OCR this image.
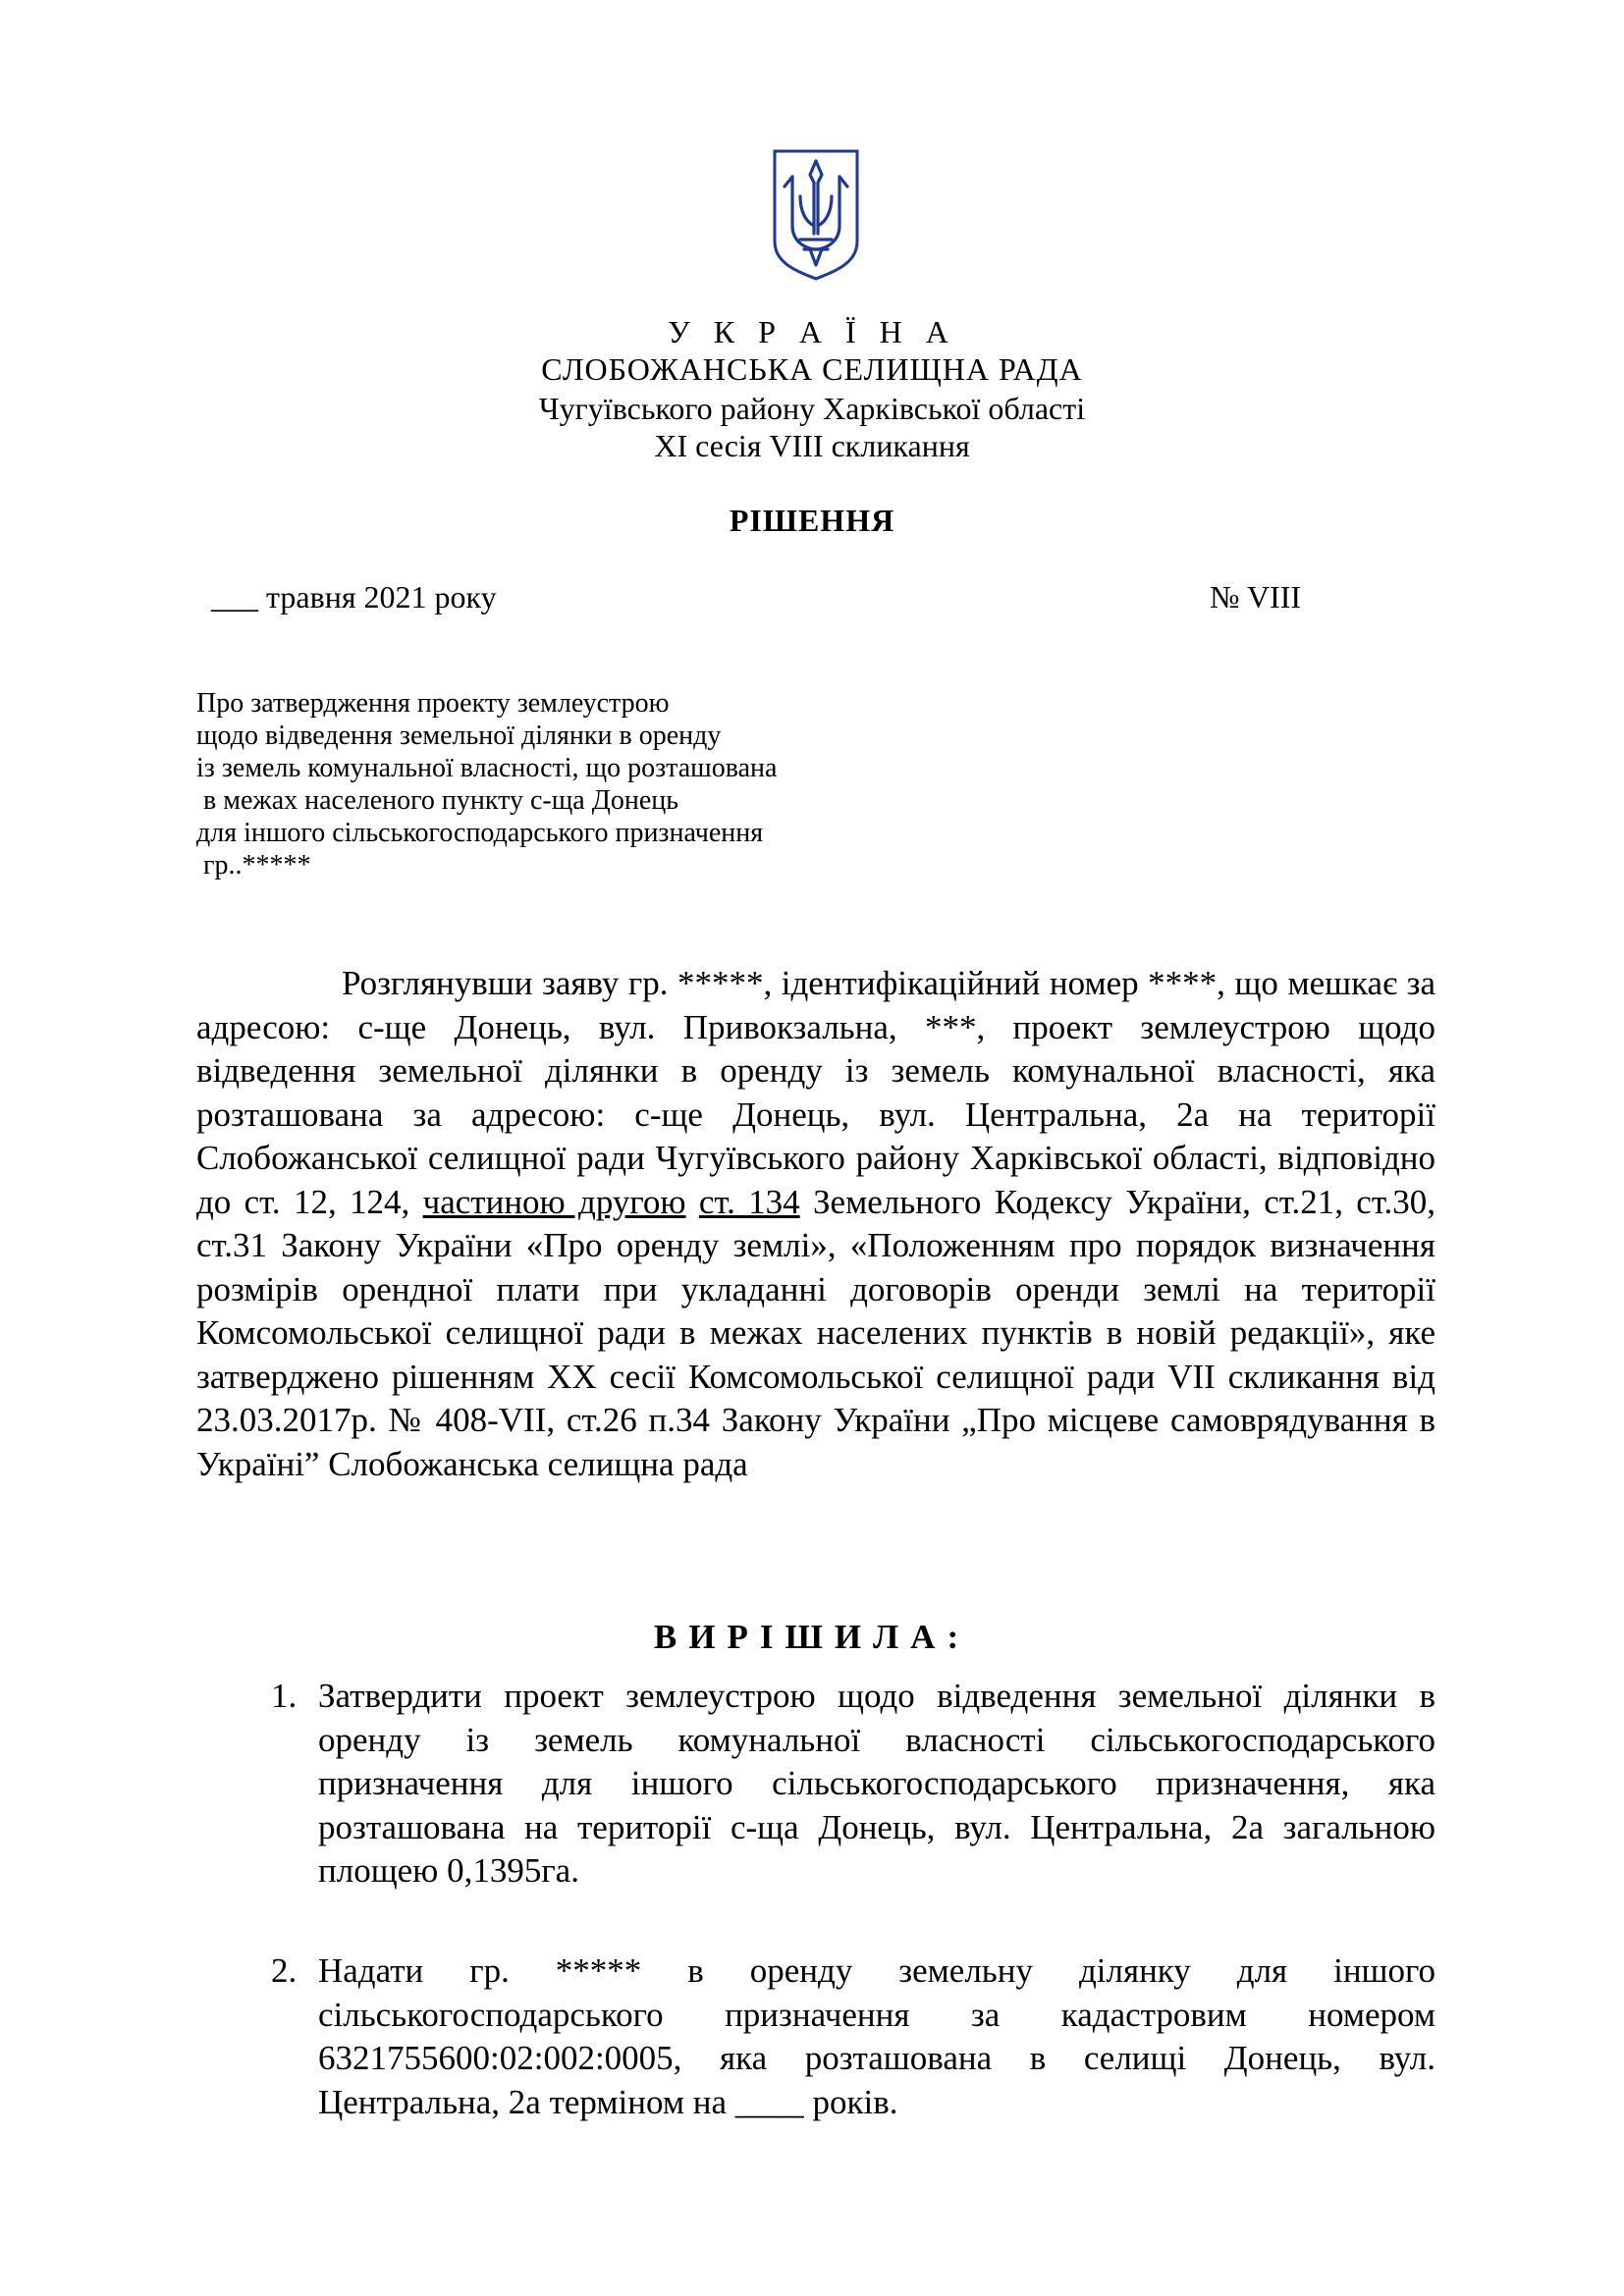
У К Р А Ї Н А
СЛОБОЖАНСЬКА СЕЛИЩНА РАДА
Чугуївського району Харківської області
ХІ сесія VІІІ скликання
РІШЕННЯ
___ травня 2021 року	№ VIII
Про затвердження проекту землеустрою
щодо відведення земельної ділянки в оренду
із земель комунальної власності, що розташована
в межах населеного пункту с-ща Донець
для іншого сільськогосподарського призначення
гр..*****
Розглянувши заяву гр. *****, ідентифікаційний номер ****, що мешкає за адресою: с-ще Донець, вул. Привокзальна, ***, проект землеустрою щодо відведення земельної ділянки в оренду із земель комунальної власності, яка розташована за адресою: с-ще Донець, вул. Центральна, 2а на території Слобожанської селищної ради Чугуївського району Харківської області, відповідно до ст. 12, 124, частиною другою ст. 134 Земельного Кодексу України, ст.21, ст.30, ст.31 Закону України «Про оренду землі», «Положенням про порядок визначення розмірів орендної плати при укладанні договорів оренди землі на території Комсомольської селищної ради в межах населених пунктів в новій редакції», яке затверджено рішенням ХХ сесії Комсомольської селищної ради VII скликання від 23.03.2017р. № 408-VII, ст.26 п.34 Закону України „Про місцеве самоврядування в Україні” Слобожанська селищна рада
ВИРІШИЛА:
1. Затвердити проект землеустрою щодо відведення земельної ділянки в оренду із земель комунальної власності сільськогосподарського призначення для іншого сільськогосподарського призначення, яка розташована на території с-ща Донець, вул. Центральна, 2а загальною площею 0,1395га.
2. Надати гр. ***** в оренду земельну ділянку для іншого сільськогосподарського призначення за кадастровим номером 6321755600:02:002:0005, яка розташована в селищі Донець, вул. Центральна, 2а терміном на ____ років.
